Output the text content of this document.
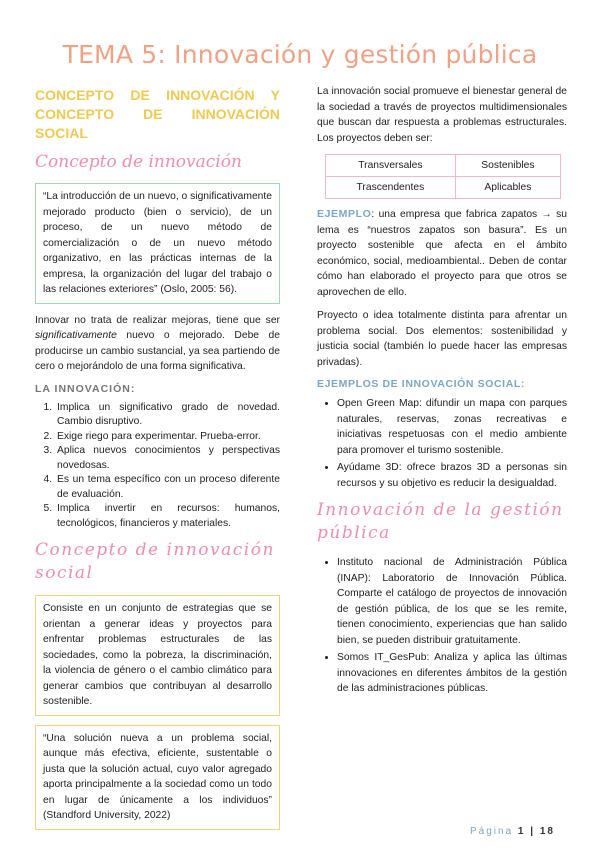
TEMA 5: Innovación y gestión pública
CONCEPTO DE INNOVACIÓN Y
CONCEPTO DE INNOVACIÓN SOCIAL
Concepto de innovación
“La introducción de un nuevo, o significativamente mejorado producto (bien o servicio), de un proceso, de un nuevo método de comercialización o de un nuevo método organizativo, en las prácticas internas de la empresa, la organización del lugar del trabajo o las relaciones exteriores” (Oslo, 2005: 56).
Innovar no trata de realizar mejoras, tiene que ser significativamente nuevo o mejorado. Debe de producirse un cambio sustancial, ya sea partiendo de cero o mejorándolo de una forma significativa.
LA INNOVACIÓN:
1. Implica un significativo grado de novedad. Cambio disruptivo.
2. Exige riego para experimentar. Prueba-error.
3. Aplica nuevos conocimientos y perspectivas novedosas.
4. Es un tema específico con un proceso diferente de evaluación.
5. Implica invertir en recursos: humanos, tecnológicos, financieros y materiales.
Concepto de innovación social
Consiste en un conjunto de estrategias que se orientan a generar ideas y proyectos para enfrentar problemas estructurales de las sociedades, como la pobreza, la discriminación, la violencia de género o el cambio climático para generar cambios que contribuyan al desarrollo sostenible.
“Una solución nueva a un problema social, aunque más efectiva, eficiente, sustentable o justa que la solución actual, cuyo valor agregado aporta principalmente a la sociedad como un todo en lugar de únicamente a los individuos” (Standford University, 2022)
La innovación social promueve el bienestar general de la sociedad a través de proyectos multidimensionales que buscan dar respuesta a problemas estructurales. Los proyectos deben ser:
Transversales	Sostenibles
Trascendentes	Aplicables
EJEMPLO: una empresa que fabrica zapatos → su lema es “nuestros zapatos son basura”. Es un proyecto sostenible que afecta en el ámbito económico, social, medioambiental.. Deben de contar cómo han elaborado el proyecto para que otros se aprovechen de ello.
Proyecto o idea totalmente distinta para afrentar un problema social. Dos elementos: sostenibilidad y justicia social (también lo puede hacer las empresas privadas).
EJEMPLOS DE INNOVACIÓN SOCIAL:
• Open Green Map: difundir un mapa con parques naturales, reservas, zonas recreativas e iniciativas respetuosas con el medio ambiente para promover el turismo sostenible.
• Ayúdame 3D: ofrece brazos 3D a personas sin recursos y su objetivo es reducir la desigualdad.
Innovación de la gestión pública
• Instituto nacional de Administración Pública (INAP): Laboratorio de Innovación Pública. Comparte el catálogo de proyectos de innovación de gestión pública, de los que se les remite, tienen conocimiento, experiencias que han salido bien, se pueden distribuir gratuitamente.
• Somos IT_GesPub: Analiza y aplica las últimas innovaciones en diferentes ámbitos de la gestión de las administraciones públicas.
Página 1 | 18
